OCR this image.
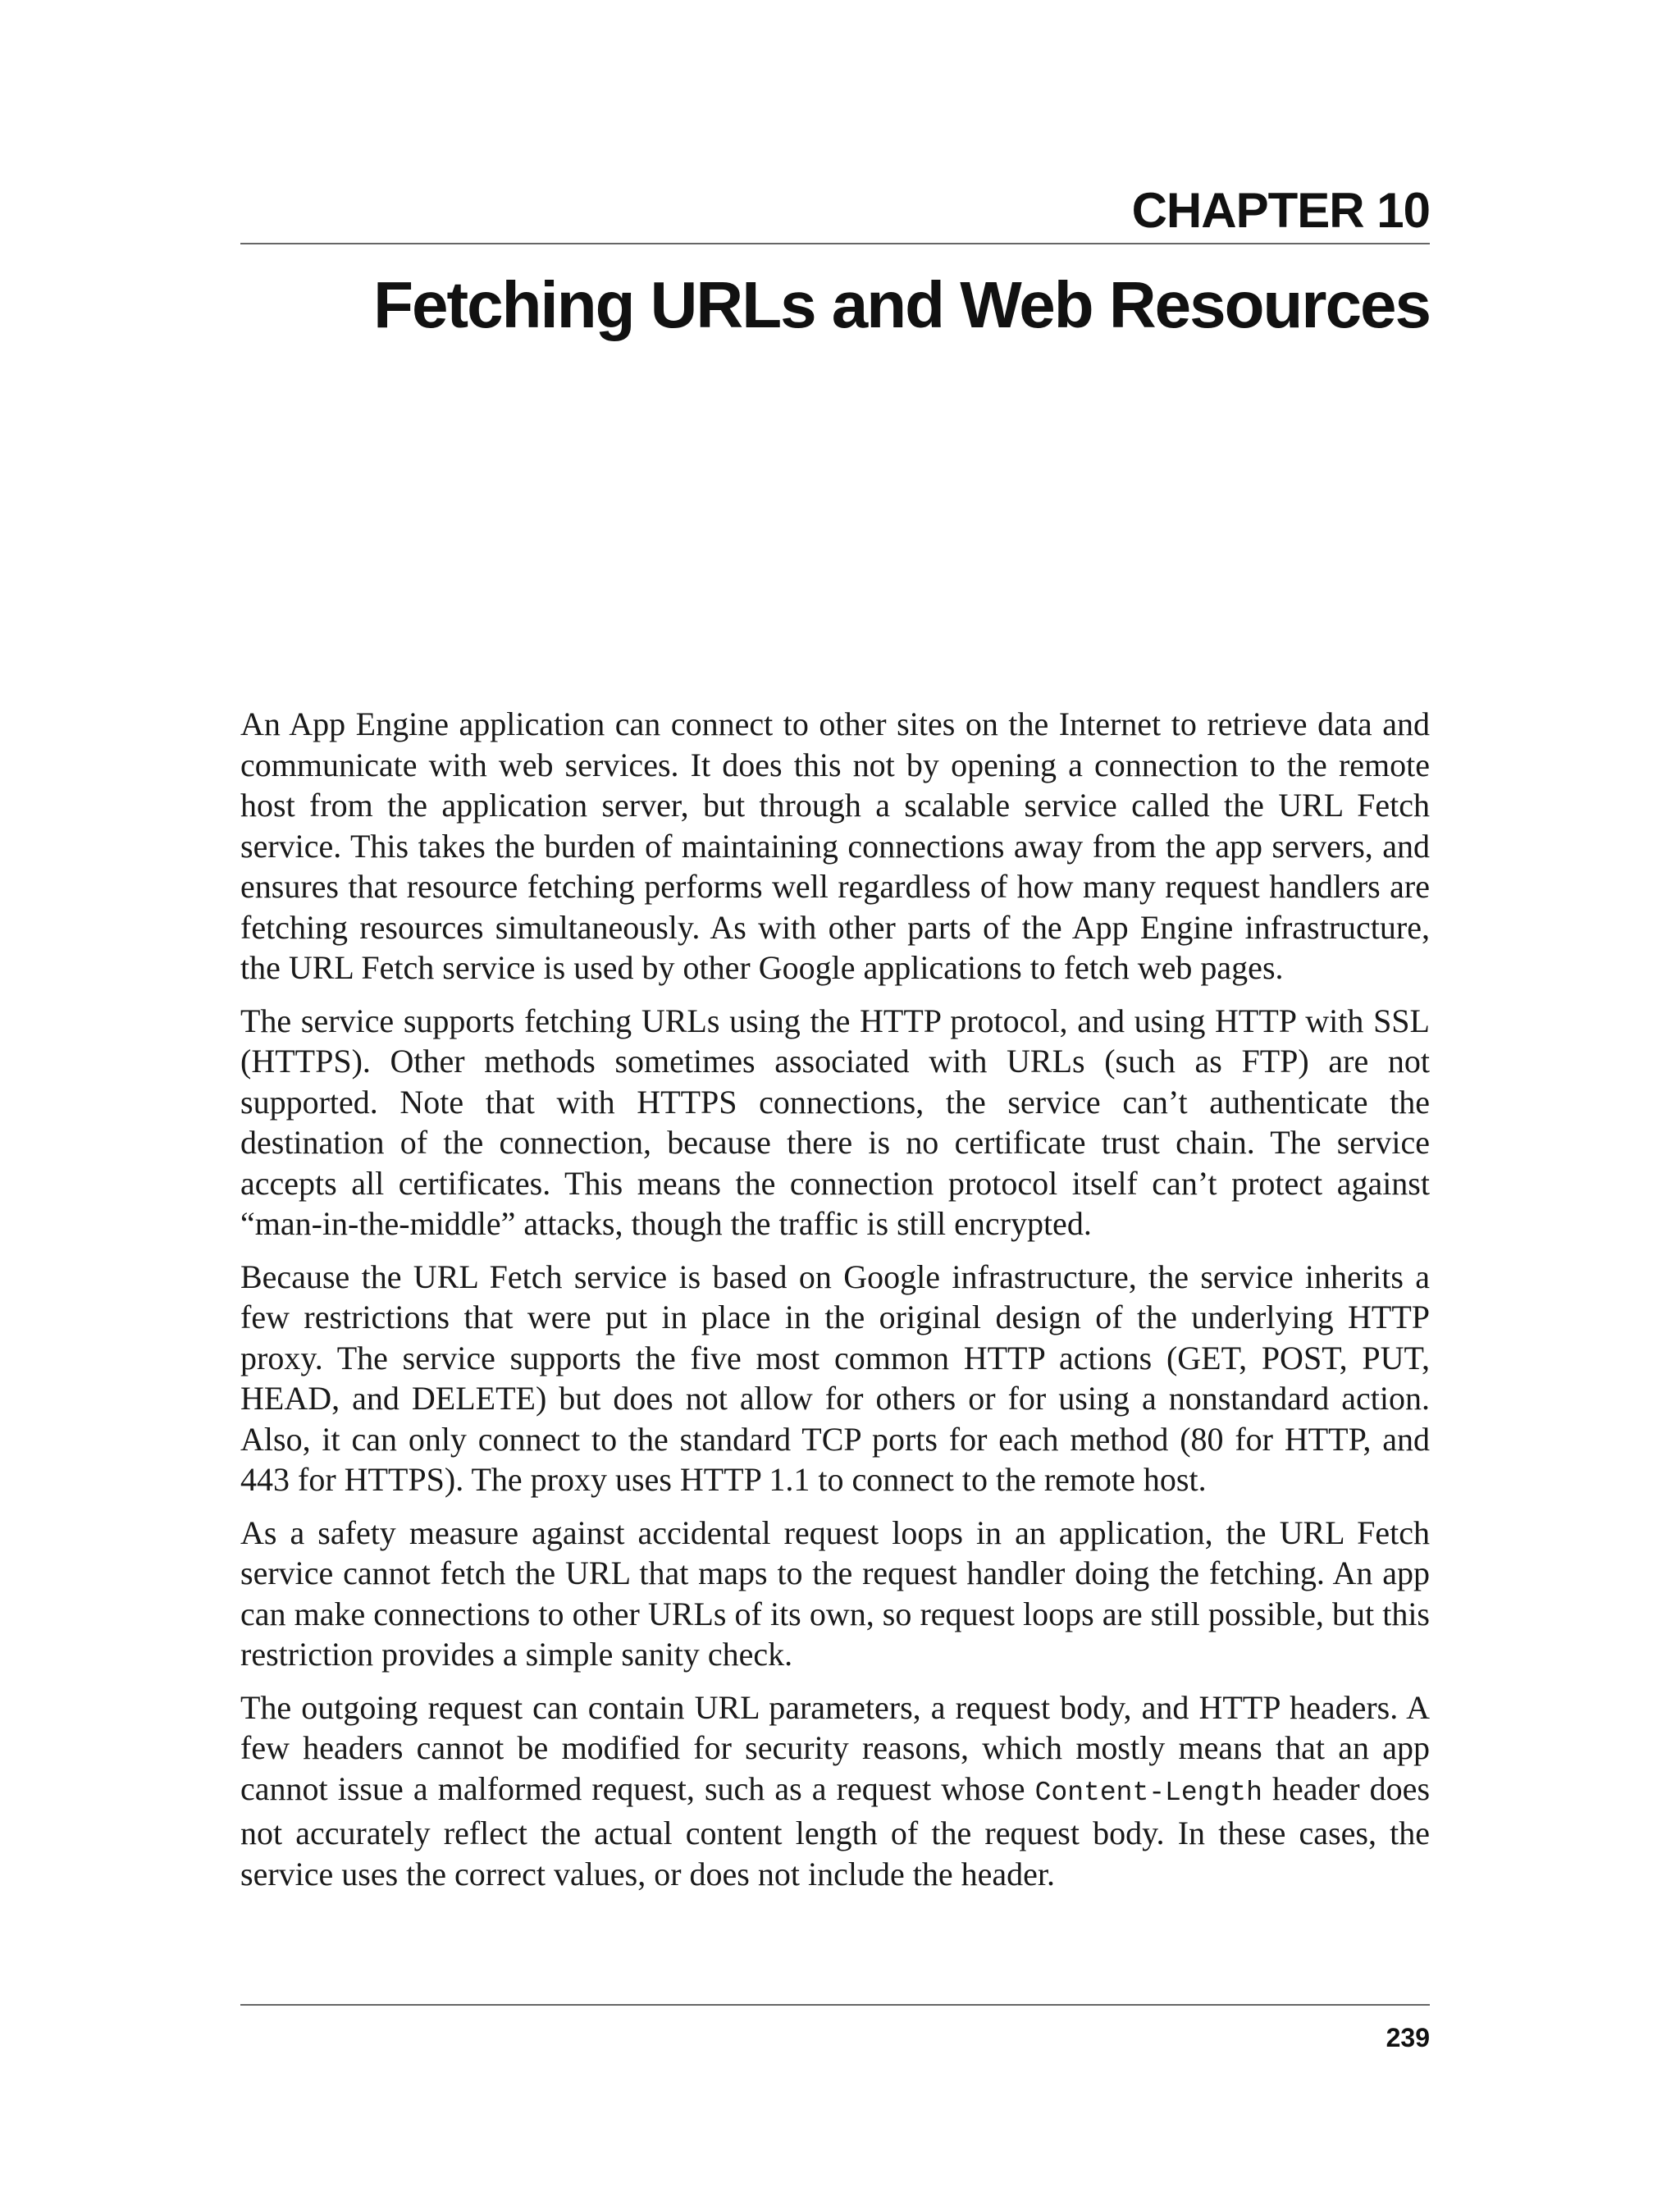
CHAPTER 10
Fetching URLs and Web Resources

An App Engine application can connect to other sites on the Internet to retrieve data and communicate with web services. It does this not by opening a connection to the remote host from the application server, but through a scalable service called the URL Fetch service. This takes the burden of maintaining connections away from the app servers, and ensures that resource fetching performs well regardless of how many request handlers are fetching resources simultaneously. As with other parts of the App Engine infrastructure, the URL Fetch service is used by other Google applications to fetch web pages.

The service supports fetching URLs using the HTTP protocol, and using HTTP with SSL (HTTPS). Other methods sometimes associated with URLs (such as FTP) are not supported. Note that with HTTPS connections, the service can’t authenticate the destination of the connection, because there is no certificate trust chain. The service accepts all certificates. This means the connection protocol itself can’t protect against “man-in-the-middle” attacks, though the traffic is still encrypted.

Because the URL Fetch service is based on Google infrastructure, the service inherits a few restrictions that were put in place in the original design of the underlying HTTP proxy. The service supports the five most common HTTP actions (GET, POST, PUT, HEAD, and DELETE) but does not allow for others or for using a nonstandard action. Also, it can only connect to the standard TCP ports for each method (80 for HTTP, and 443 for HTTPS). The proxy uses HTTP 1.1 to connect to the remote host.

As a safety measure against accidental request loops in an application, the URL Fetch service cannot fetch the URL that maps to the request handler doing the fetching. An app can make connections to other URLs of its own, so request loops are still possible, but this restriction provides a simple sanity check.

The outgoing request can contain URL parameters, a request body, and HTTP headers. A few headers cannot be modified for security reasons, which mostly means that an app cannot issue a malformed request, such as a request whose Content-Length header does not accurately reflect the actual content length of the request body. In these cases, the service uses the correct values, or does not include the header.

239
